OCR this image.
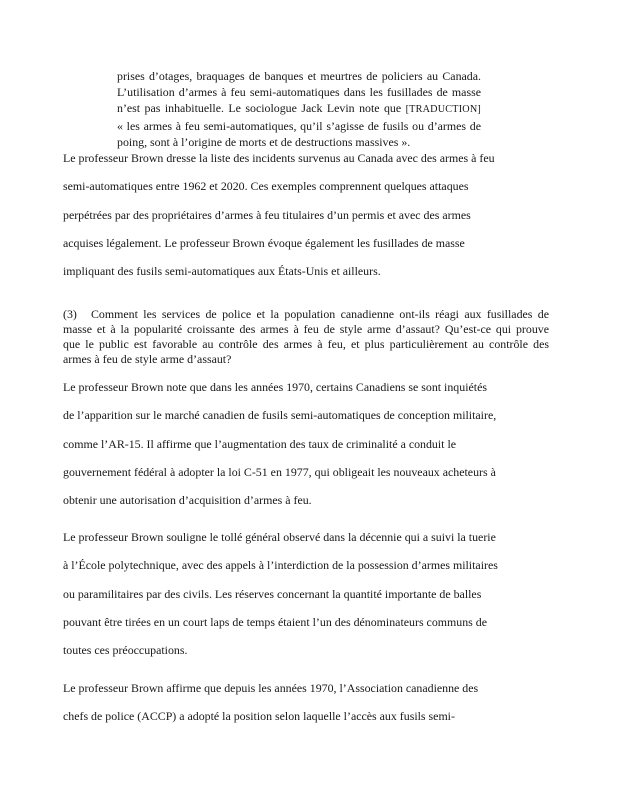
prises d’otages, braquages de banques et meurtres de policiers au Canada.
L’utilisation d’armes à feu semi-automatiques dans les fusillades de masse
n’est pas inhabituelle. Le sociologue Jack Levin note que [TRADUCTION]
« les armes à feu semi-automatiques, qu’il s’agisse de fusils ou d’armes de
poing, sont à l’origine de morts et de destructions massives ».
Le professeur Brown dresse la liste des incidents survenus au Canada avec des armes à feu
semi-automatiques entre 1962 et 2020. Ces exemples comprennent quelques attaques
perpétrées par des propriétaires d’armes à feu titulaires d’un permis et avec des armes
acquises légalement. Le professeur Brown évoque également les fusillades de masse
impliquant des fusils semi-automatiques aux États-Unis et ailleurs.
(3) Comment les services de police et la population canadienne ont-ils réagi aux fusillades de
masse et à la popularité croissante des armes à feu de style arme d’assaut? Qu’est-ce qui prouve
que le public est favorable au contrôle des armes à feu, et plus particulièrement au contrôle des
armes à feu de style arme d’assaut?
Le professeur Brown note que dans les années 1970, certains Canadiens se sont inquiétés
de l’apparition sur le marché canadien de fusils semi-automatiques de conception militaire,
comme l’AR-15. Il affirme que l’augmentation des taux de criminalité a conduit le
gouvernement fédéral à adopter la loi C-51 en 1977, qui obligeait les nouveaux acheteurs à
obtenir une autorisation d’acquisition d’armes à feu.
Le professeur Brown souligne le tollé général observé dans la décennie qui a suivi la tuerie
à l’École polytechnique, avec des appels à l’interdiction de la possession d’armes militaires
ou paramilitaires par des civils. Les réserves concernant la quantité importante de balles
pouvant être tirées en un court laps de temps étaient l’un des dénominateurs communs de
toutes ces préoccupations.
Le professeur Brown affirme que depuis les années 1970, l’Association canadienne des
chefs de police (ACCP) a adopté la position selon laquelle l’accès aux fusils semi-
